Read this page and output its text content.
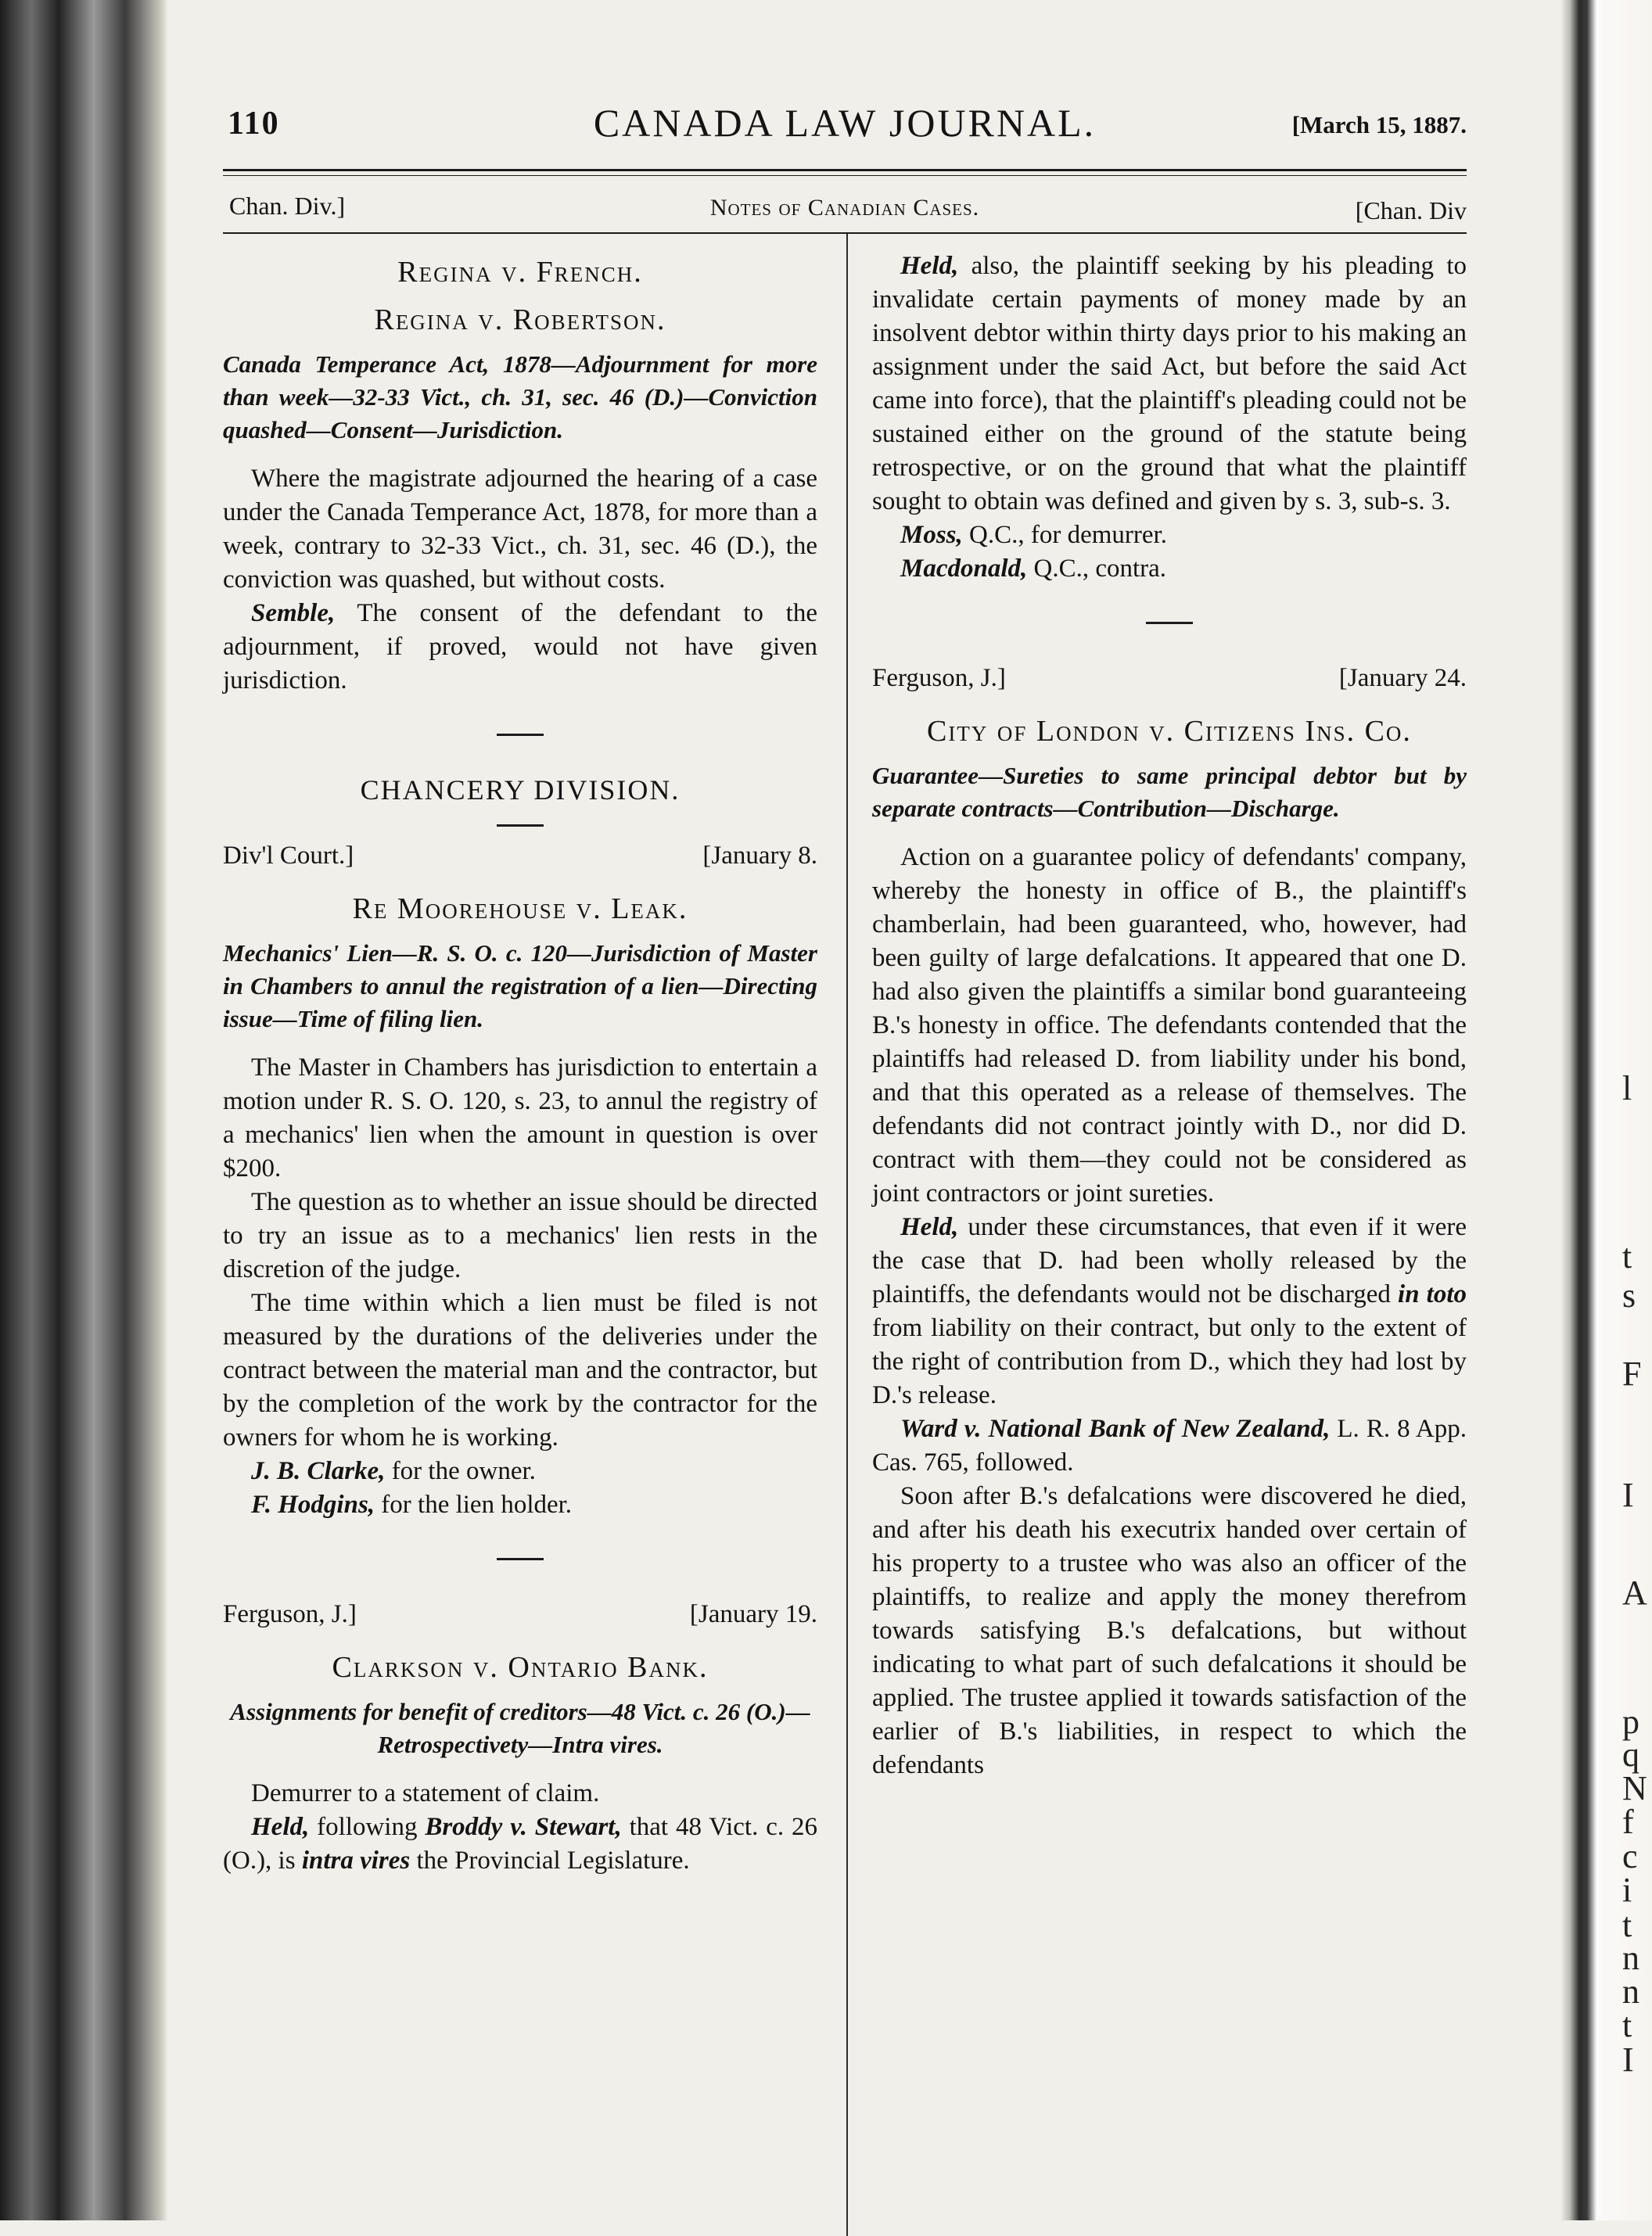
l
t
s
F
I
A
p
q
N
f
c
i
t
n
n
t
I
110	CANADA LAW JOURNAL.	[March 15, 1887.
Chan. Div.]	Notes of Canadian Cases.	[Chan. Div
Regina v. French.
Regina v. Robertson.

Canada Temperance Act, 1878—Adjournment for more than week—32-33 Vict., ch. 31, sec. 46 (D.)—Conviction quashed—Consent—Jurisdiction.

Where the magistrate adjourned the hearing of a case under the Canada Temperance Act, 1878, for more than a week, contrary to 32-33 Vict., ch. 31, sec. 46 (D.), the conviction was quashed, but without costs.

Semble, The consent of the defendant to the adjournment, if proved, would not have given jurisdiction.

CHANCERY DIVISION.
Div'l Court.]	[January 8.
Re Moorehouse v. Leak.

Mechanics' Lien—R. S. O. c. 120—Jurisdiction of Master in Chambers to annul the registration of a lien—Directing issue—Time of filing lien.

The Master in Chambers has jurisdiction to entertain a motion under R. S. O. 120, s. 23, to annul the registry of a mechanics' lien when the amount in question is over $200.

The question as to whether an issue should be directed to try an issue as to a mechanics' lien rests in the discretion of the judge.

The time within which a lien must be filed is not measured by the durations of the deliveries under the contract between the material man and the contractor, but by the completion of the work by the contractor for the owners for whom he is working.

J. B. Clarke, for the owner.

F. Hodgins, for the lien holder.

Ferguson, J.]	[January 19.
Clarkson v. Ontario Bank.

Assignments for benefit of creditors—48 Vict. c. 26 (O.)—Retrospectivety—Intra vires.

Demurrer to a statement of claim.

Held, following Broddy v. Stewart, that 48 Vict. c. 26 (O.), is intra vires the Provincial Legislature.

Held, also, the plaintiff seeking by his pleading to invalidate certain payments of money made by an insolvent debtor within thirty days prior to his making an assignment under the said Act, but before the said Act came into force), that the plaintiff's pleading could not be sustained either on the ground of the statute being retrospective, or on the ground that what the plaintiff sought to obtain was defined and given by s. 3, sub-s. 3.

Moss, Q.C., for demurrer.

Macdonald, Q.C., contra.

Ferguson, J.]	[January 24.
City of London v. Citizens Ins. Co.

Guarantee—Sureties to same principal debtor but by separate contracts—Contribution—Discharge.

Action on a guarantee policy of defendants' company, whereby the honesty in office of B., the plaintiff's chamberlain, had been guaranteed, who, however, had been guilty of large defalcations. It appeared that one D. had also given the plaintiffs a similar bond guaranteeing B.'s honesty in office. The defendants contended that the plaintiffs had released D. from liability under his bond, and that this operated as a release of themselves. The defendants did not contract jointly with D., nor did D. contract with them—they could not be considered as joint contractors or joint sureties.

Held, under these circumstances, that even if it were the case that D. had been wholly released by the plaintiffs, the defendants would not be discharged in toto from liability on their contract, but only to the extent of the right of contribution from D., which they had lost by D.'s release.

Ward v. National Bank of New Zealand, L. R. 8 App. Cas. 765, followed.

Soon after B.'s defalcations were discovered he died, and after his death his executrix handed over certain of his property to a trustee who was also an officer of the plaintiffs, to realize and apply the money therefrom towards satisfying B.'s defalcations, but without indicating to what part of such defalcations it should be applied. The trustee applied it towards satisfaction of the earlier of B.'s liabilities, in respect to which the defendants
